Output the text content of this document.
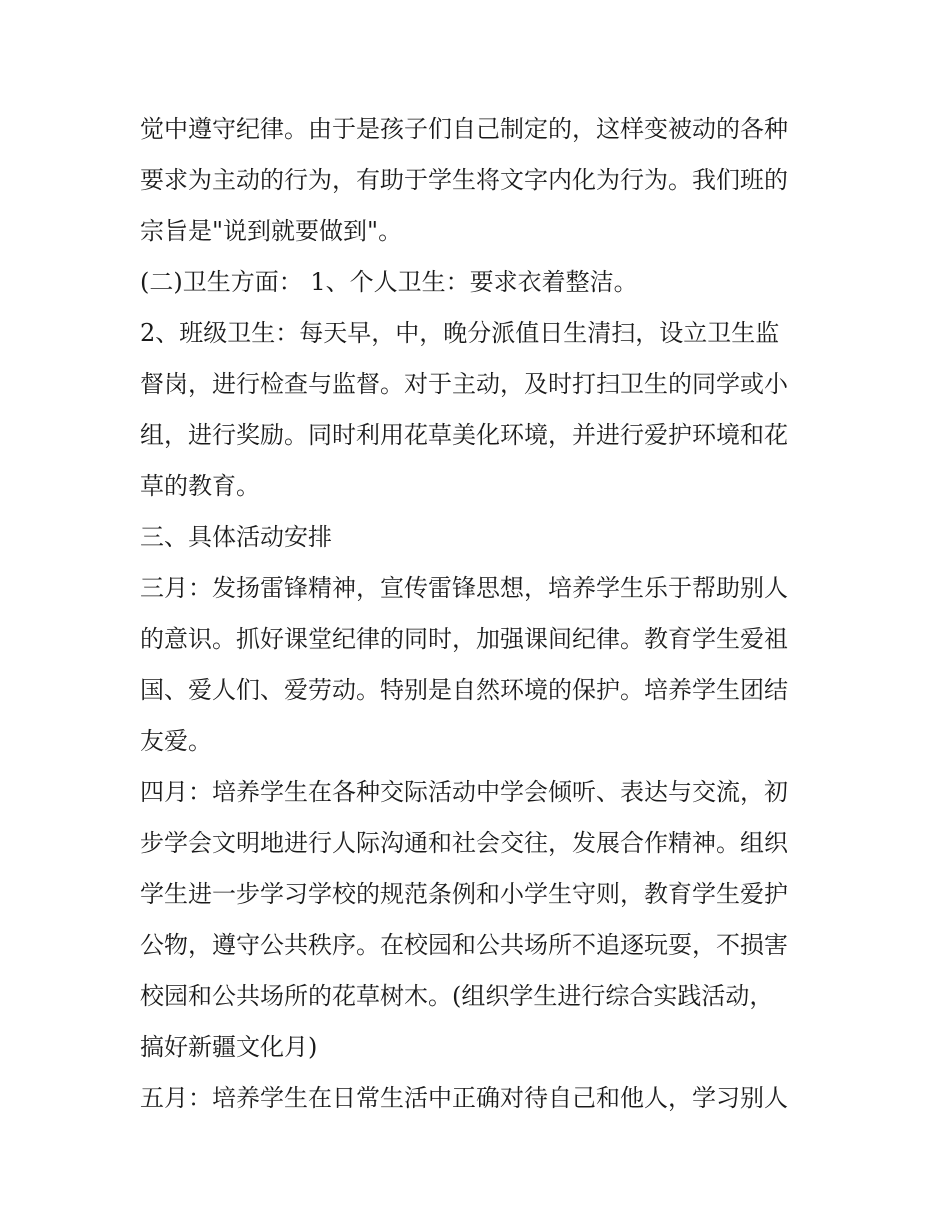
觉中遵守纪律。由于是孩子们自己制定的，这样变被动的各种
要求为主动的行为，有助于学生将文字内化为行为。我们班的
宗旨是"说到就要做到"。
(二)卫生方面： 1、个人卫生：要求衣着整洁。
2、班级卫生：每天早，中，晚分派值日生清扫，设立卫生监
督岗，进行检查与监督。对于主动，及时打扫卫生的同学或小
组，进行奖励。同时利用花草美化环境，并进行爱护环境和花
草的教育。
三、具体活动安排
三月：发扬雷锋精神，宣传雷锋思想，培养学生乐于帮助别人
的意识。抓好课堂纪律的同时，加强课间纪律。教育学生爱祖
国、爱人们、爱劳动。特别是自然环境的保护。培养学生团结
友爱。
四月：培养学生在各种交际活动中学会倾听、表达与交流，初
步学会文明地进行人际沟通和社会交往，发展合作精神。组织
学生进一步学习学校的规范条例和小学生守则，教育学生爱护
公物，遵守公共秩序。在校园和公共场所不追逐玩耍，不损害
校园和公共场所的花草树木。(组织学生进行综合实践活动，
搞好新疆文化月)
五月：培养学生在日常生活中正确对待自己和他人，学习别人
